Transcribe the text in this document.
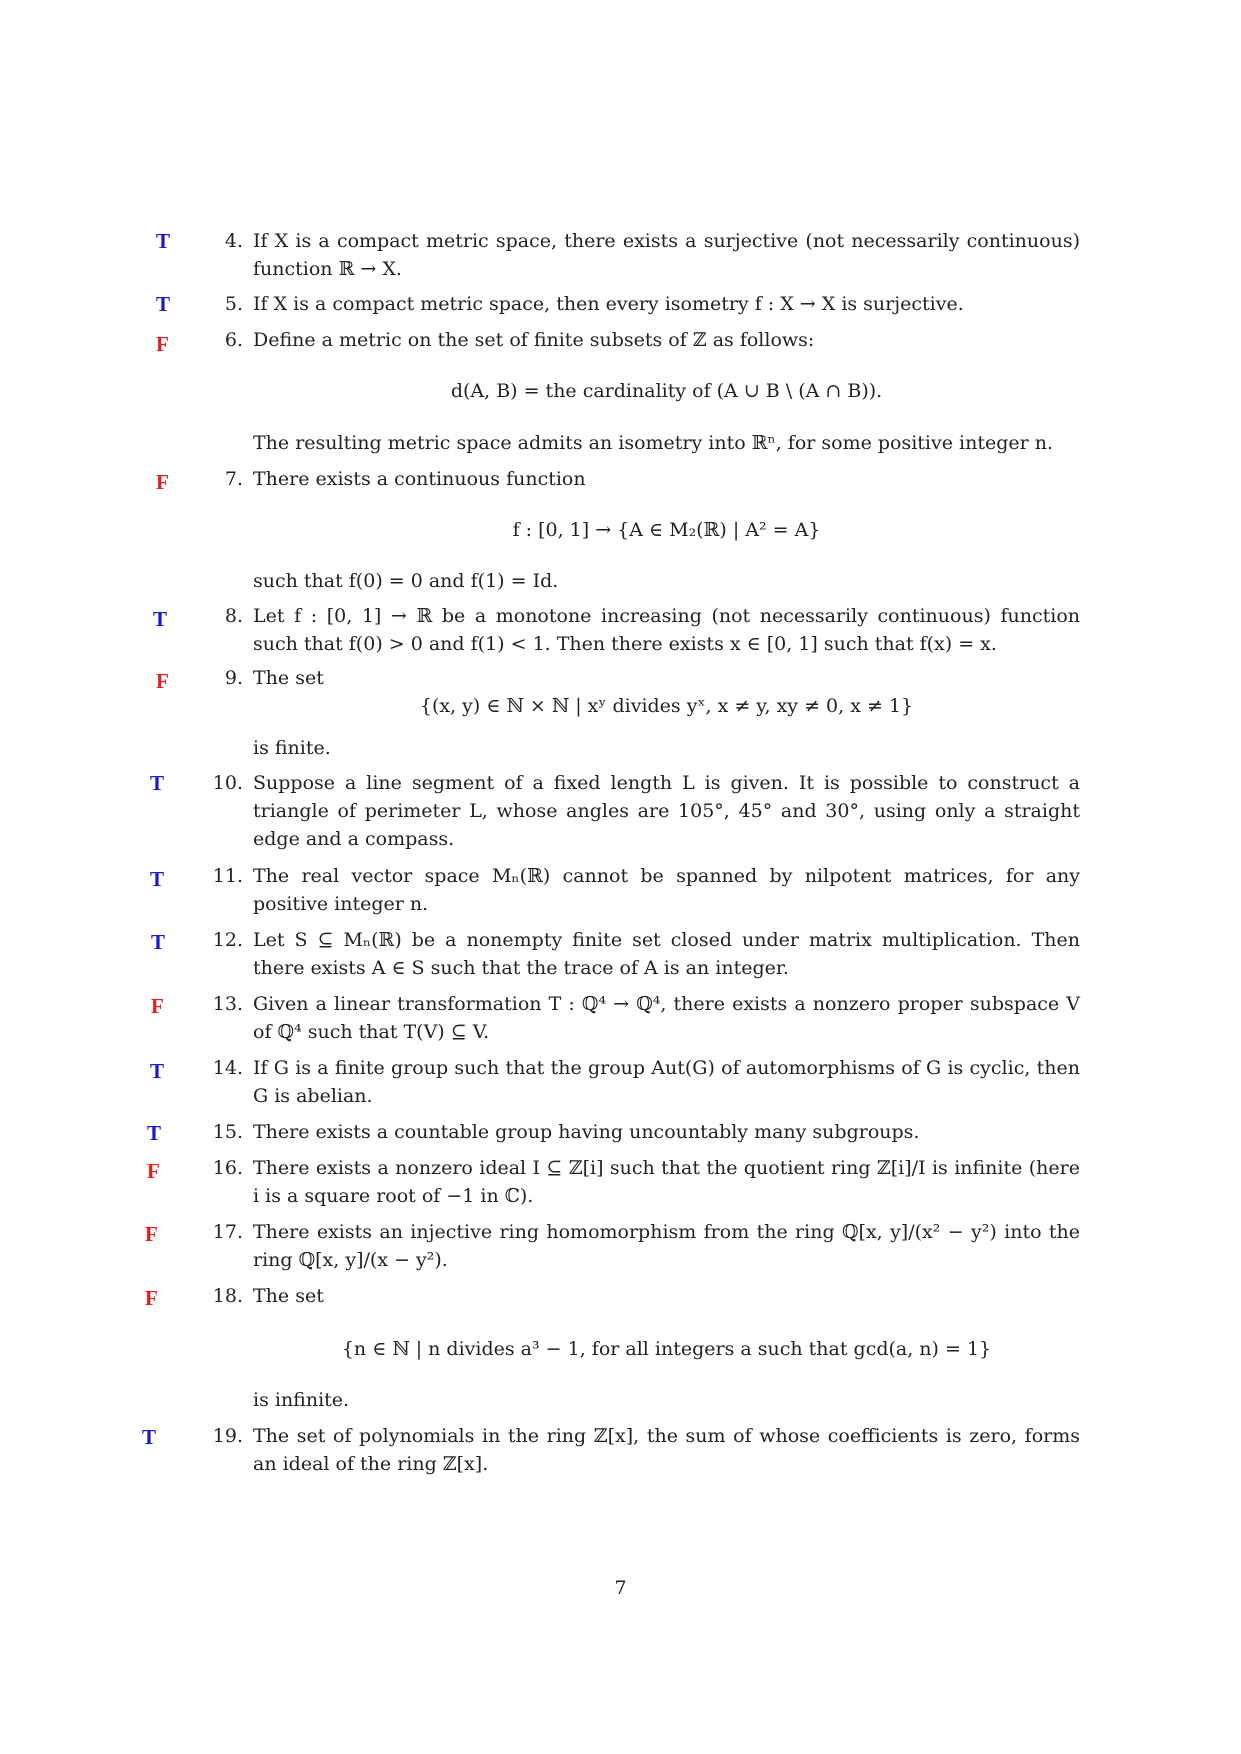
T	4. If X is a compact metric space, there exists a surjective (not necessarily continuous) function ℝ → X.
T	5. If X is a compact metric space, then every isometry f : X → X is surjective.
F	6. Define a metric on the set of finite subsets of ℤ as follows:
d(A, B) = the cardinality of (A ∪ B \ (A ∩ B)).
The resulting metric space admits an isometry into ℝⁿ, for some positive integer n.
F	7. There exists a continuous function
f : [0, 1] → {A ∈ M₂(ℝ) | A² = A}
such that f(0) = 0 and f(1) = Id.
T	8. Let f : [0, 1] → ℝ be a monotone increasing (not necessarily continuous) function such that f(0) > 0 and f(1) < 1. Then there exists x ∈ [0, 1] such that f(x) = x.
F	9. The set
{(x, y) ∈ ℕ × ℕ | xʸ divides yˣ, x ≠ y, xy ≠ 0, x ≠ 1}
is finite.
T	10. Suppose a line segment of a fixed length L is given. It is possible to construct a triangle of perimeter L, whose angles are 105°, 45° and 30°, using only a straight edge and a compass.
T	11. The real vector space Mₙ(ℝ) cannot be spanned by nilpotent matrices, for any positive integer n.
T	12. Let S ⊆ Mₙ(ℝ) be a nonempty finite set closed under matrix multiplication. Then there exists A ∈ S such that the trace of A is an integer.
F	13. Given a linear transformation T : ℚ⁴ → ℚ⁴, there exists a nonzero proper subspace V of ℚ⁴ such that T(V) ⊆ V.
T	14. If G is a finite group such that the group Aut(G) of automorphisms of G is cyclic, then G is abelian.
T	15. There exists a countable group having uncountably many subgroups.
F	16. There exists a nonzero ideal I ⊆ ℤ[i] such that the quotient ring ℤ[i]/I is infinite (here i is a square root of −1 in ℂ).
F	17. There exists an injective ring homomorphism from the ring ℚ[x, y]/(x² − y²) into the ring ℚ[x, y]/(x − y²).
F	18. The set
{n ∈ ℕ | n divides a³ − 1, for all integers a such that gcd(a, n) = 1}
is infinite.
T	19. The set of polynomials in the ring ℤ[x], the sum of whose coefficients is zero, forms an ideal of the ring ℤ[x].
7
